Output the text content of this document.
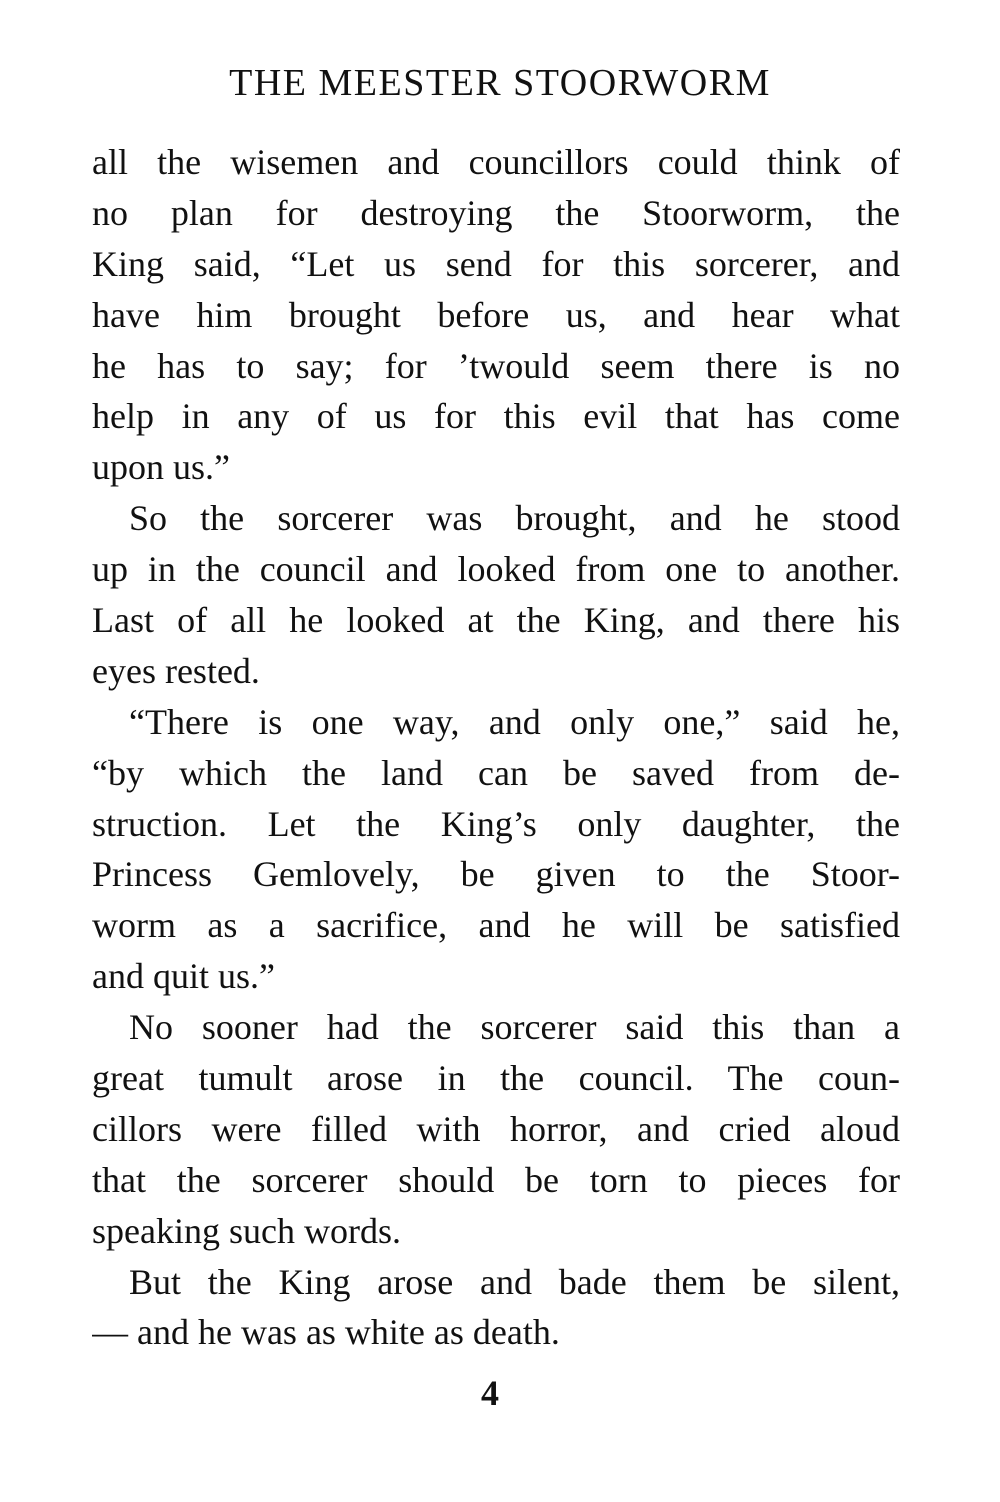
THE MEESTER STOORWORM
all the wisemen and councillors could think of
no plan for destroying the Stoorworm, the
King said, “Let us send for this sorcerer, and
have him brought before us, and hear what
he has to say; for ’twould seem there is no
help in any of us for this evil that has come
upon us.”
So the sorcerer was brought, and he stood
up in the council and looked from one to another.
Last of all he looked at the King, and there his
eyes rested.
“There is one way, and only one,” said he,
“by which the land can be saved from de-
struction. Let the King’s only daughter, the
Princess Gemlovely, be given to the Stoor-
worm as a sacrifice, and he will be satisfied
and quit us.”
No sooner had the sorcerer said this than a
great tumult arose in the council. The coun-
cillors were filled with horror, and cried aloud
that the sorcerer should be torn to pieces for
speaking such words.
But the King arose and bade them be silent,
— and he was as white as death.
4
